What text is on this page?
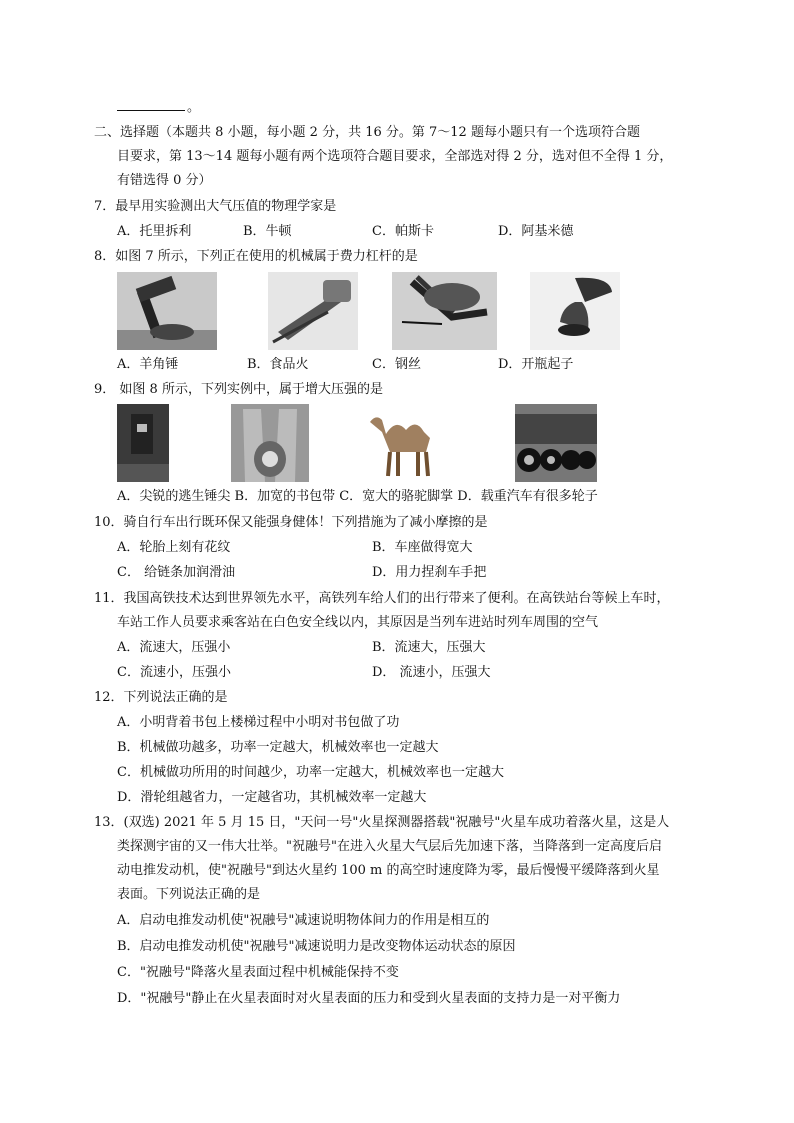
。
二、选择题（本题共 8 小题，每小题 2 分，共 16 分。第 7～12 题每小题只有一个选项符合题
目要求，第 13～14 题每小题有两个选项符合题目要求，全部选对得 2 分，选对但不全得 1 分，
有错选得 0 分）
7．最早用实验测出大气压值的物理学家是
A．托里拆利	B．牛顿	C．帕斯卡	D．阿基米德
8．如图 7 所示，下列正在使用的机械属于费力杠杆的是
A．羊角锤	B．食品火	C．钢丝	D．开瓶起子
9． 如图 8 所示，下列实例中，属于增大压强的是
A．尖锐的逃生锤尖 B．加宽的书包带 C．宽大的骆驼脚掌 D．载重汽车有很多轮子
10．骑自行车出行既环保又能强身健体！下列措施为了减小摩擦的是
A．轮胎上刻有花纹	B．车座做得宽大
C． 给链条加润滑油	D．用力捏刹车手把
11．我国高铁技术达到世界领先水平，高铁列车给人们的出行带来了便利。在高铁站台等候上车时，
车站工作人员要求乘客站在白色安全线以内，其原因是当列车进站时列车周围的空气
A．流速大，压强小	B．流速大，压强大
C．流速小，压强小	D． 流速小，压强大
12．下列说法正确的是
A．小明背着书包上楼梯过程中小明对书包做了功
B．机械做功越多，功率一定越大，机械效率也一定越大
C．机械做功所用的时间越少，功率一定越大，机械效率也一定越大
D．滑轮组越省力，一定越省功，其机械效率一定越大
13．(双选) 2021 年 5 月 15 日，"天问一号"火星探测器搭载"祝融号"火星车成功着落火星，这是人
类探测宇宙的又一伟大壮举。"祝融号"在进入火星大气层后先加速下落，当降落到一定高度后启
动电推发动机，使"祝融号"到达火星约 100 m 的高空时速度降为零，最后慢慢平缓降落到火星
表面。下列说法正确的是
A．启动电推发动机使"祝融号"减速说明物体间力的作用是相互的
B．启动电推发动机使"祝融号"减速说明力是改变物体运动状态的原因
C．"祝融号"降落火星表面过程中机械能保持不变
D．"祝融号"静止在火星表面时对火星表面的压力和受到火星表面的支持力是一对平衡力
